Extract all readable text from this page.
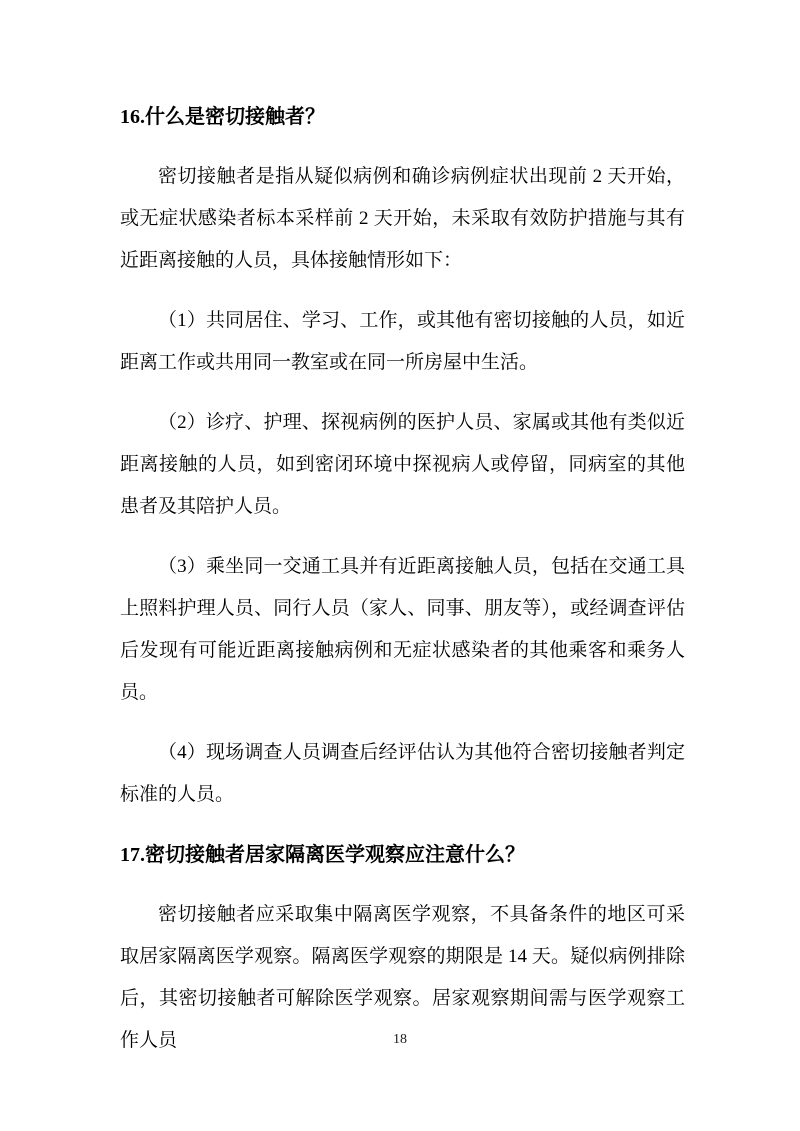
16.什么是密切接触者？

密切接触者是指从疑似病例和确诊病例症状出现前 2 天开始，或无症状感染者标本采样前 2 天开始，未采取有效防护措施与其有近距离接触的人员，具体接触情形如下：

（1）共同居住、学习、工作，或其他有密切接触的人员，如近距离工作或共用同一教室或在同一所房屋中生活。

（2）诊疗、护理、探视病例的医护人员、家属或其他有类似近距离接触的人员，如到密闭环境中探视病人或停留，同病室的其他患者及其陪护人员。

（3）乘坐同一交通工具并有近距离接触人员，包括在交通工具上照料护理人员、同行人员（家人、同事、朋友等），或经调查评估后发现有可能近距离接触病例和无症状感染者的其他乘客和乘务人员。

（4）现场调查人员调查后经评估认为其他符合密切接触者判定标准的人员。

17.密切接触者居家隔离医学观察应注意什么？

密切接触者应采取集中隔离医学观察，不具备条件的地区可采取居家隔离医学观察。隔离医学观察的期限是 14 天。疑似病例排除后，其密切接触者可解除医学观察。居家观察期间需与医学观察工作人员	18
